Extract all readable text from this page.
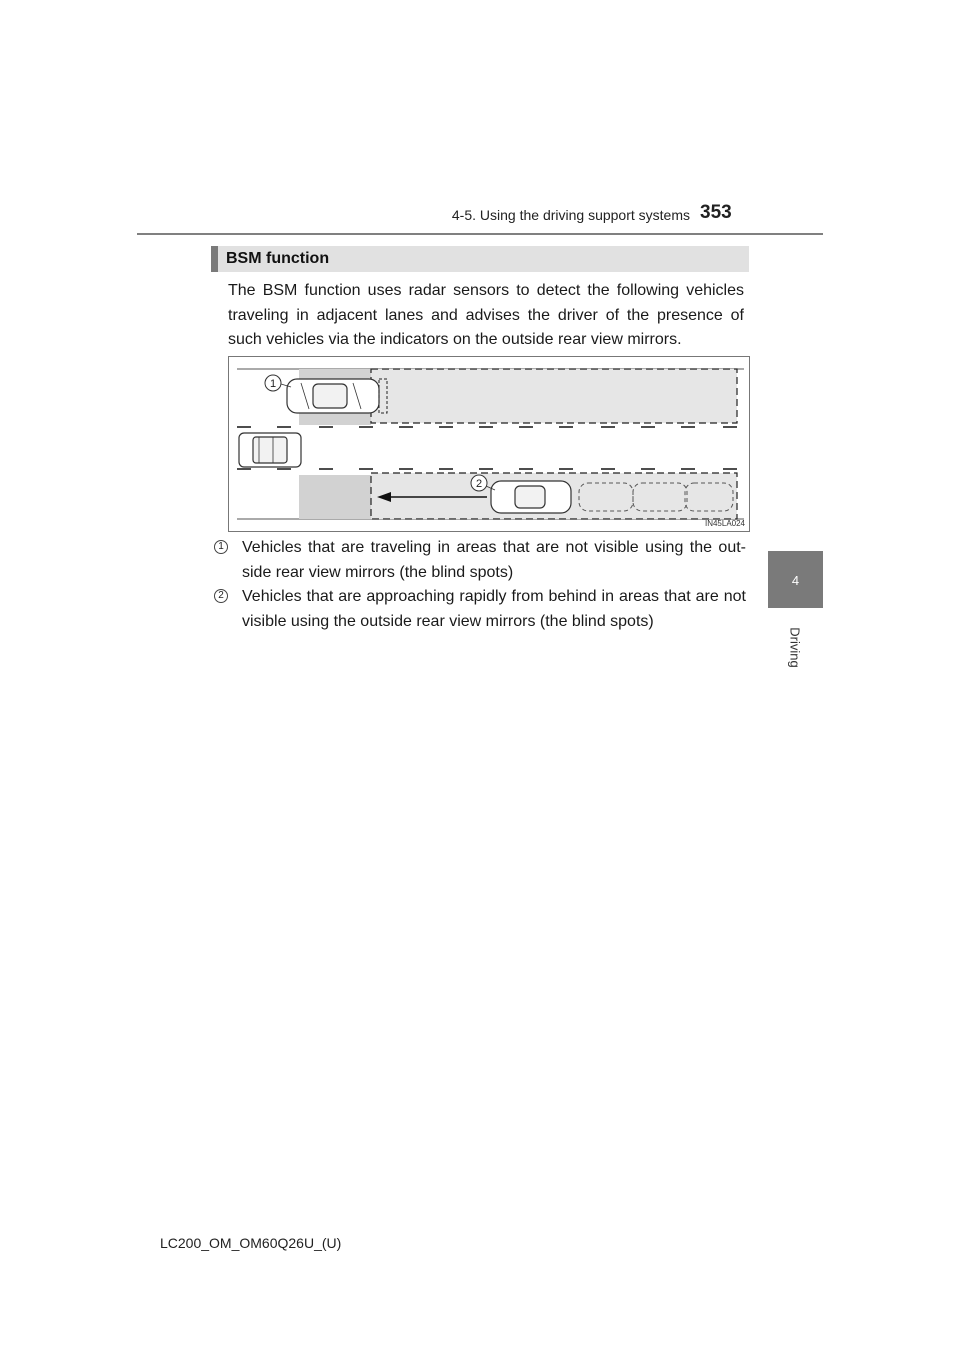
4-5. Using the driving support systems 353
4
Driving
BSM function
The BSM function uses radar sensors to detect the following vehicles traveling in adjacent lanes and advises the driver of the presence of such vehicles via the indicators on the outside rear view mirrors.
1
2
IN45LA024
1 Vehicles that are traveling in areas that are not visible using the out-side rear view mirrors (the blind spots)
2 Vehicles that are approaching rapidly from behind in areas that are not visible using the outside rear view mirrors (the blind spots)
LC200_OM_OM60Q26U_(U)
